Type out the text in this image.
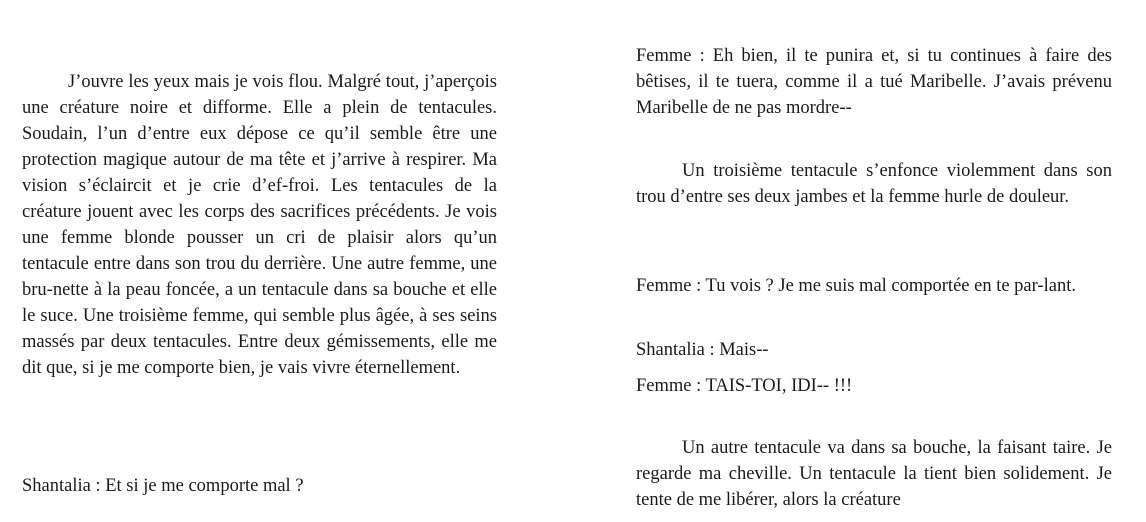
J’ouvre les yeux mais je vois flou. Malgré tout, j’aperçois une créature noire et difforme. Elle a plein de tentacules. Soudain, l’un d’entre eux dépose ce qu’il semble être une protection magique autour de ma tête et j’arrive à respirer. Ma vision s’éclaircit et je crie d’ef-froi. Les tentacules de la créature jouent avec les corps des sacrifices précédents. Je vois une femme blonde pousser un cri de plaisir alors qu’un tentacule entre dans son trou du derrière. Une autre femme, une bru-nette à la peau foncée, a un tentacule dans sa bouche et elle le suce. Une troisième femme, qui semble plus âgée, à ses seins massés par deux tentacules. Entre deux gémissements, elle me dit que, si je me comporte bien, je vais vivre éternellement.

Shantalia : Et si je me comporte mal ?

Femme : Eh bien, il te punira et, si tu continues à faire des bêtises, il te tuera, comme il a tué Maribelle. J’avais prévenu Maribelle de ne pas mordre--

Un troisième tentacule s’enfonce violemment dans son trou d’entre ses deux jambes et la femme hurle de douleur.

Femme : Tu vois ? Je me suis mal comportée en te par-lant.

Shantalia : Mais--

Femme : TAIS-TOI, IDI-- !!!

Un autre tentacule va dans sa bouche, la faisant taire. Je regarde ma cheville. Un tentacule la tient bien solidement. Je tente de me libérer, alors la créature
